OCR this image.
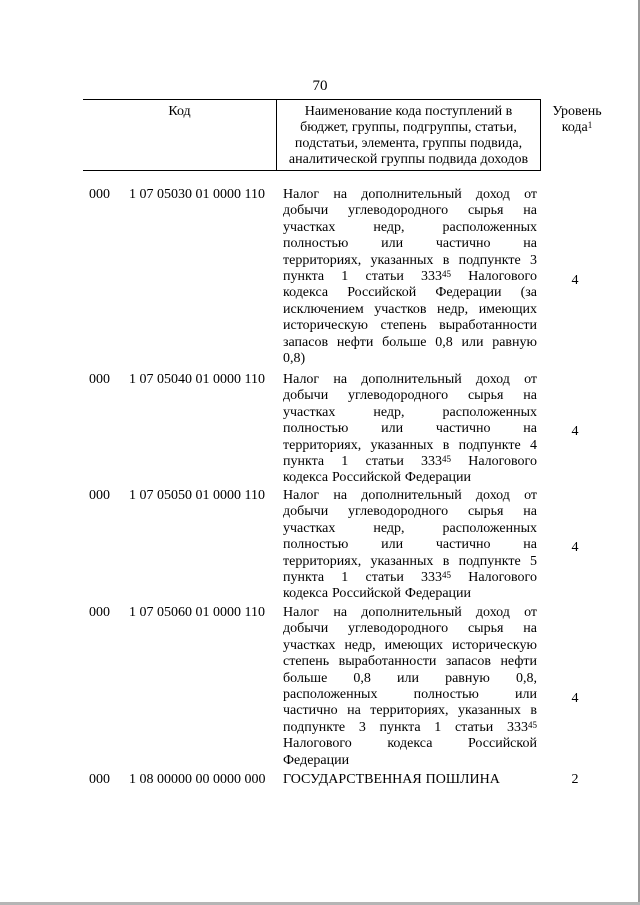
70
Код	Наименование кода поступлений в
бюджет, группы, подгруппы, статьи,
подстатьи, элемента, группы подвида,
аналитической группы подвида доходов
Уровень
кода$^1$
000 1 07 05030 01 0000 110 Налог на дополнительный доход от
добычи углеводородного сырья на
участках	недр,	расположенных
полностью или частично на
территориях, указанных в подпункте 3
пункта 1 статьи $333^{45}$ Налогового
кодекса Российской Федерации (за
исключением участков недр, имеющих
историческую степень выработанности
запасов нефти больше 0,8 или равную
0,8)
4
000 1 07 05040 01 0000 110 Налог на дополнительный доход от
добычи углеводородного сырья на
участках	недр,	расположенных
полностью или частично на
территориях, указанных в подпункте 4
пункта 1 статьи $333^{45}$ Налогового
кодекса Российской Федерации
4
000 1 07 05050 01 0000 110 Налог на дополнительный доход от
добычи углеводородного сырья на
участках	недр,	расположенных
полностью или частично на
территориях, указанных в подпункте 5
пункта 1 статьи $333^{45}$ Налогового
кодекса Российской Федерации
4
000 1 07 05060 01 0000 110 Налог на дополнительный доход от
добычи углеводородного сырья на
участках недр, имеющих историческую
степень выработанности запасов нефти
больше 0,8 или равную 0,8,
расположенных	полностью	или
частично на территориях, указанных в
подпункте 3 пункта 1 статьи $333^{45}$
Налогового	кодекса	Российской
Федерации
4
000 1 08 00000 00 0000 000 ГОСУДАРСТВЕННАЯ ПОШЛИНА	2
